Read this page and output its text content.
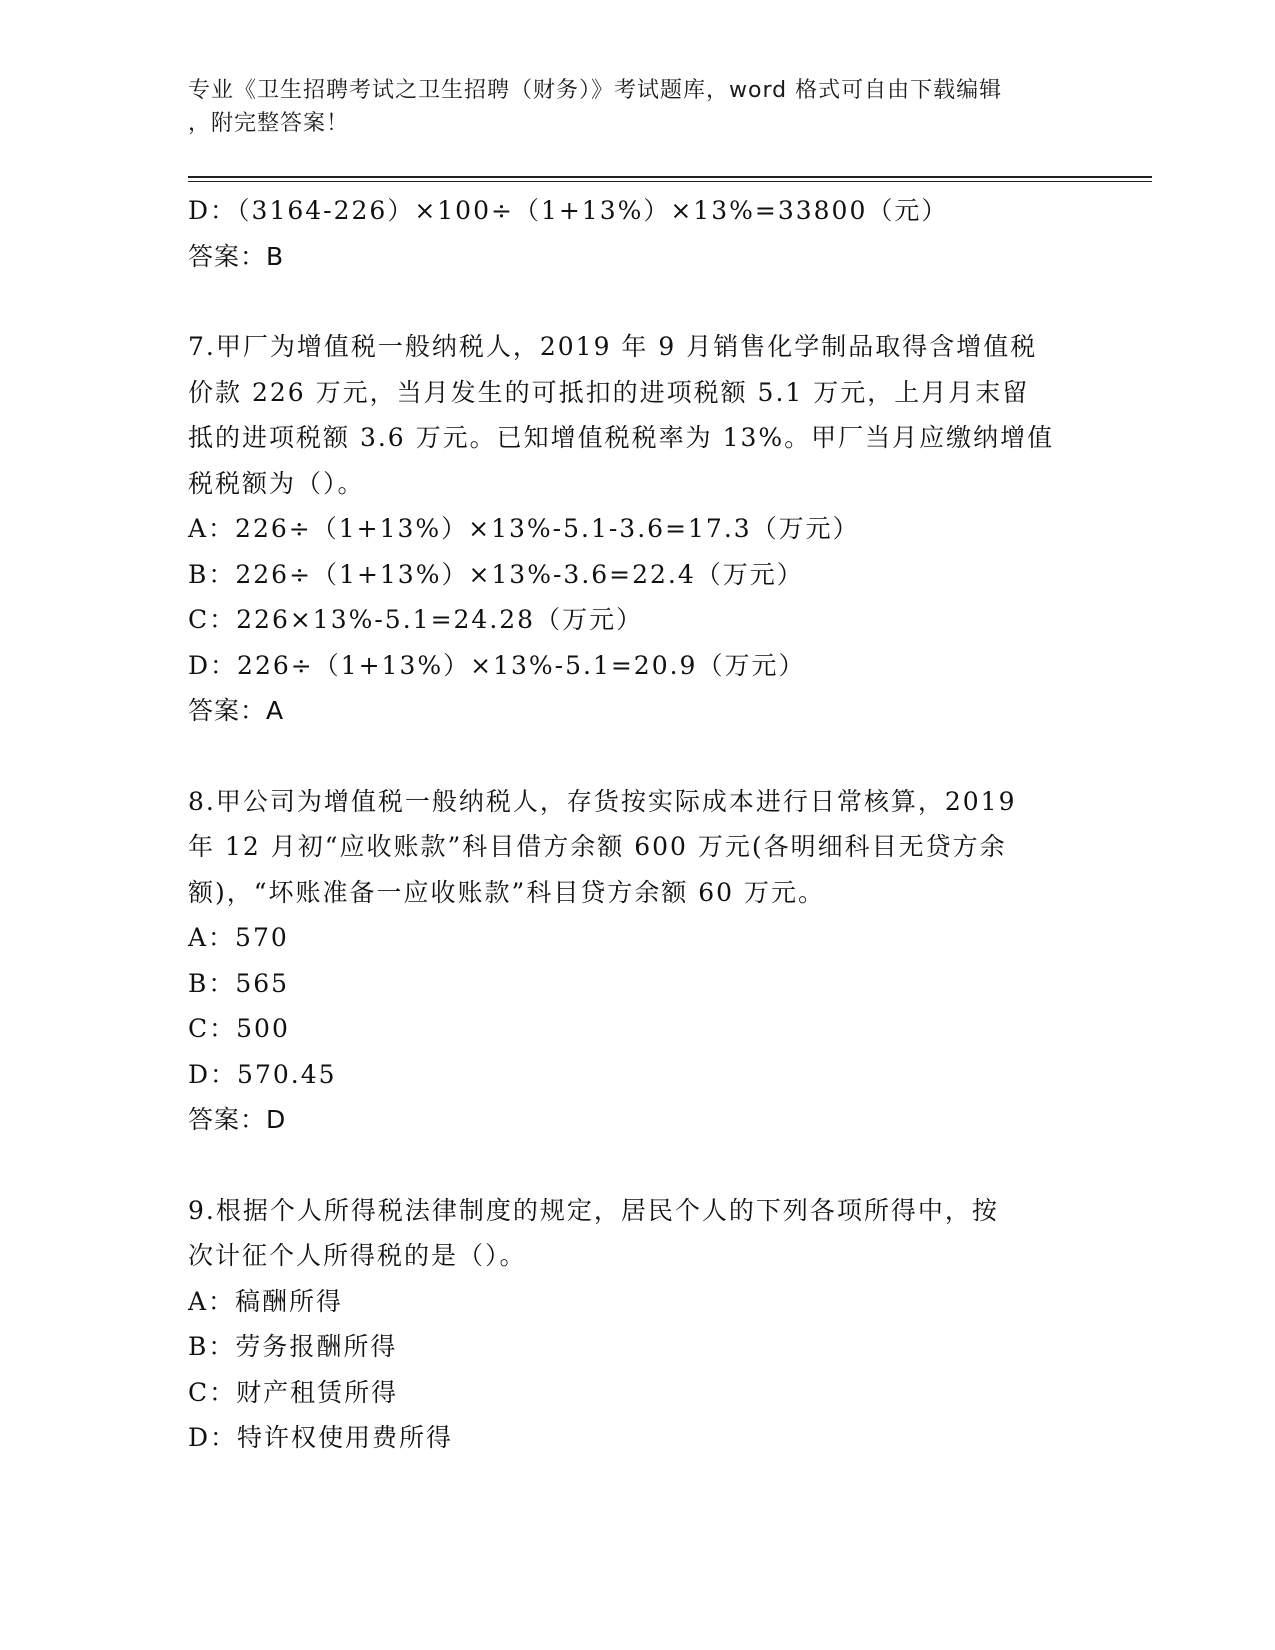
专业《卫生招聘考试之卫生招聘（财务）》考试题库，word 格式可自由下载编辑
，附完整答案！
D：（3164-226）×100÷（1+13%）×13%=33800（元）
答案：B
7.甲厂为增值税一般纳税人，2019 年 9 月销售化学制品取得含增值税
价款 226 万元，当月发生的可抵扣的进项税额 5.1 万元，上月月末留
抵的进项税额 3.6 万元。已知增值税税率为 13%。甲厂当月应缴纳增值
税税额为（）。
A：226÷（1+13%）×13%-5.1-3.6=17.3（万元）
B：226÷（1+13%）×13%-3.6=22.4（万元）
C：226×13%-5.1=24.28（万元）
D：226÷（1+13%）×13%-5.1=20.9（万元）
答案：A
8.甲公司为增值税一般纳税人，存货按实际成本进行日常核算，2019
年 12 月初“应收账款”科目借方余额 600 万元(各明细科目无贷方余
额)，“坏账准备一应收账款”科目贷方余额 60 万元。
A：570
B：565
C：500
D：570.45
答案：D
9.根据个人所得税法律制度的规定，居民个人的下列各项所得中，按
次计征个人所得税的是（）。
A：稿酬所得
B：劳务报酬所得
C：财产租赁所得
D：特许权使用费所得
